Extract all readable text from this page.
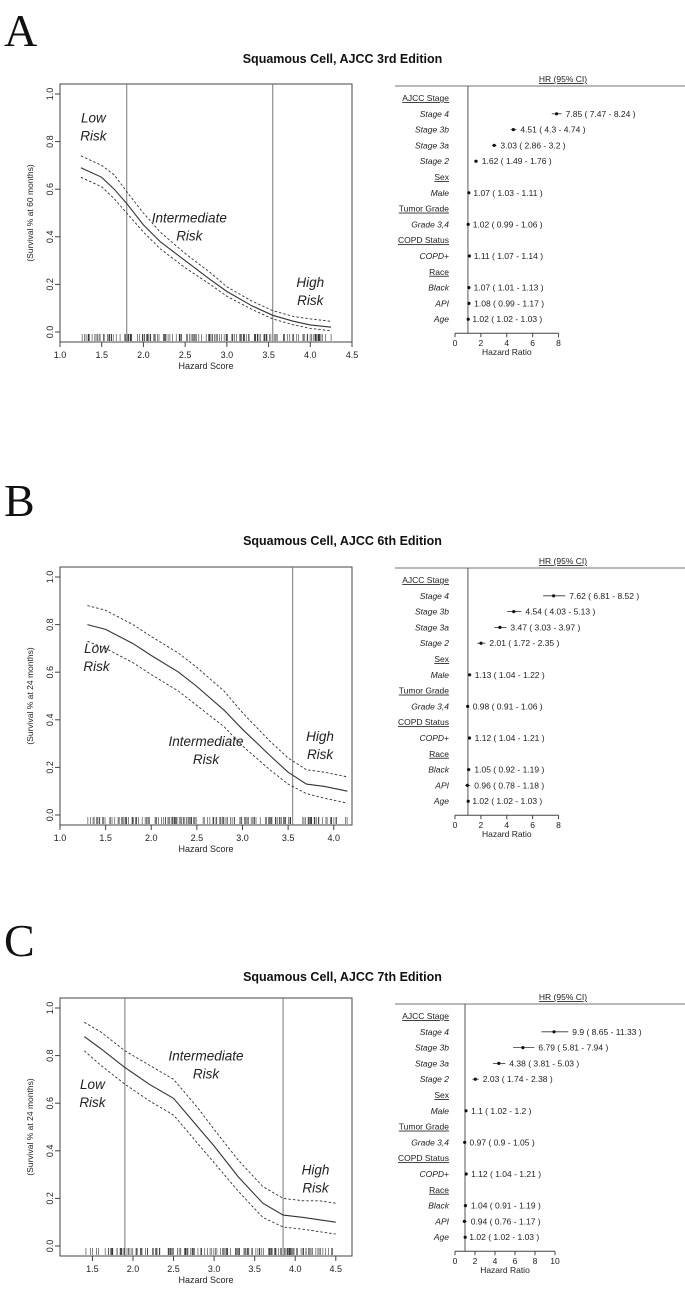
A
Squamous Cell, AJCC 3rd Edition
0.0
0.2
0.4
0.6
0.8
1.0
1.0	1.5	2.0	2.5	3.0	3.5	4.0	4.5
Hazard Score
(Survival % at 60 months)
Low
Risk
Intermediate
Risk
High
Risk
HR (95% CI)
AJCC Stage
Stage 4	7.85 ( 7.47 - 8.24 )
Stage 3b	4.51 ( 4.3 - 4.74 )
Stage 3a	3.03 ( 2.86 - 3.2 )
Stage 2	1.62 ( 1.49 - 1.76 )
Sex
Male	1.07 ( 1.03 - 1.11 )
Tumor Grade
Grade 3,4	1.02 ( 0.99 - 1.06 )
COPD Status
COPD+	1.11 ( 1.07 - 1.14 )
Race
Black	1.07 ( 1.01 - 1.13 )
API	1.08 ( 0.99 - 1.17 )
Age	1.02 ( 1.02 - 1.03 )
0 2 4 6 8
Hazard Ratio
B
Squamous Cell, AJCC 6th Edition
0.0
0.2
0.4
0.6
0.8
1.0
1.0	1.5	2.0	2.5	3.0	3.5	4.0
Hazard Score
(Survival % at 24 months)	Low
Risk
Intermediate
Risk
High
Risk
HR (95% CI)
AJCC Stage
Stage 4	7.62 ( 6.81 - 8.52 )
Stage 3b	4.54 ( 4.03 - 5.13 )
Stage 3a	3.47 ( 3.03 - 3.97 )
Stage 2	2.01 ( 1.72 - 2.35 )
Sex
Male	1.13 ( 1.04 - 1.22 )
Tumor Grade
Grade 3,4	0.98 ( 0.91 - 1.06 )
COPD Status
COPD+	1.12 ( 1.04 - 1.21 )
Race
Black	1.05 ( 0.92 - 1.19 )
API	0.96 ( 0.78 - 1.18 )
Age	1.02 ( 1.02 - 1.03 )
0 2 4 6 8
Hazard Ratio
C
Squamous Cell, AJCC 7th Edition
0.0
0.2
0.4
0.6
0.8
1.0
1.5	2.0	2.5	3.0	3.5	4.0	4.5
Hazard Score
(Survival % at 24 months)	Low
Risk
Intermediate
Risk
High
Risk
HR (95% CI)
AJCC Stage
Stage 4	9.9 ( 8.65 - 11.33 )
Stage 3b	6.79 ( 5.81 - 7.94 )
Stage 3a	4.38 ( 3.81 - 5.03 )
Stage 2	2.03 ( 1.74 - 2.38 )
Sex
Male	1.1 ( 1.02 - 1.2 )
Tumor Grade
Grade 3,4 0.97 ( 0.9 - 1.05 )
COPD Status
COPD+	1.12 ( 1.04 - 1.21 )
Race
Black	1.04 ( 0.91 - 1.19 )
API	0.94 ( 0.76 - 1.17 )
Age 1.02 ( 1.02 - 1.03 )
0 2 4 6 8 10
Hazard Ratio
